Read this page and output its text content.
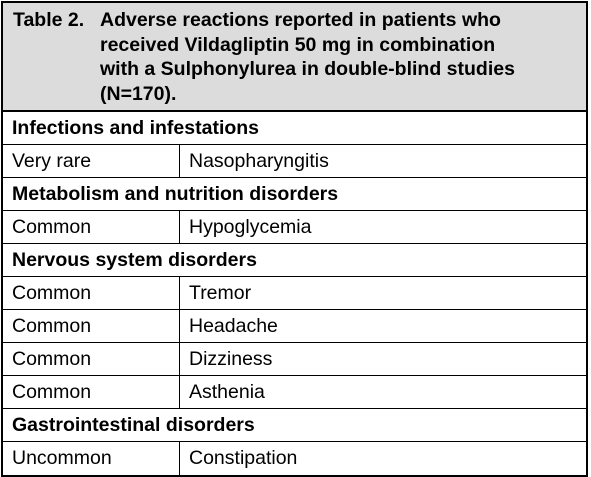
Table 2. Adverse reactions reported in patients who
received Vildagliptin 50 mg in combination
with a Sulphonylurea in double-blind studies
(N=170).
Infections and infestations
Very rare	Nasopharyngitis
Metabolism and nutrition disorders
Common	Hypoglycemia
Nervous system disorders
Common	Tremor
Common	Headache
Common	Dizziness
Common	Asthenia
Gastrointestinal disorders
Uncommon	Constipation
